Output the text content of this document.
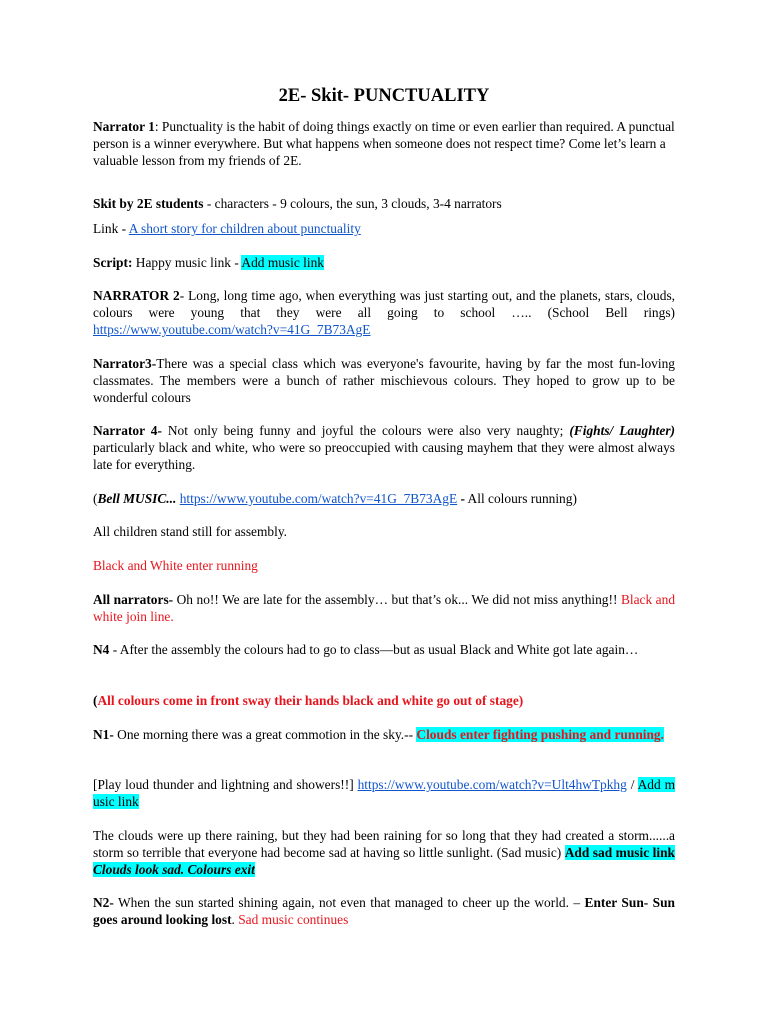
2E- Skit- PUNCTUALITY

Narrator 1: Punctuality is the habit of doing things exactly on time or even earlier than required. A punctual person is a winner everywhere. But what happens when someone does not respect time? Come let’s learn a valuable lesson from my friends of 2E.

Skit by 2E students - characters - 9 colours, the sun, 3 clouds, 3-4 narrators

Link - A short story for children about punctuality

Script: Happy music link - Add music link

NARRATOR 2- Long, long time ago, when everything was just starting out, and the planets, stars, clouds, colours were young that they were all going to school ….. (School Bell rings) https://www.youtube.com/watch?v=41G_7B73AgE

Narrator3-There was a special class which was everyone's favourite, having by far the most fun-loving classmates. The members were a bunch of rather mischievous colours. They hoped to grow up to be wonderful colours

Narrator 4- Not only being funny and joyful the colours were also very naughty; (Fights/ Laughter) particularly black and white, who were so preoccupied with causing mayhem that they were almost always late for everything.

(Bell MUSIC... https://www.youtube.com/watch?v=41G_7B73AgE - All colours running)

All children stand still for assembly.

Black and White enter running

All narrators- Oh no!! We are late for the assembly… but that’s ok... We did not miss anything!! Black and white join line.

N4 - After the assembly the colours had to go to class—but as usual Black and White got late again…

(All colours come in front sway their hands black and white go out of stage)

N1- One morning there was a great commotion in the sky.-- Clouds enter fighting pushing and running.

[Play loud thunder and lightning and showers!!] https://www.youtube.com/watch?v=Ult4hwTpkhg / Add music link

The clouds were up there raining, but they had been raining for so long that they had created a storm......a storm so terrible that everyone had become sad at having so little sunlight. (Sad music) Add sad music link Clouds look sad. Colours exit

N2- When the sun started shining again, not even that managed to cheer up the world. – Enter Sun- Sun goes around looking lost. Sad music continues
